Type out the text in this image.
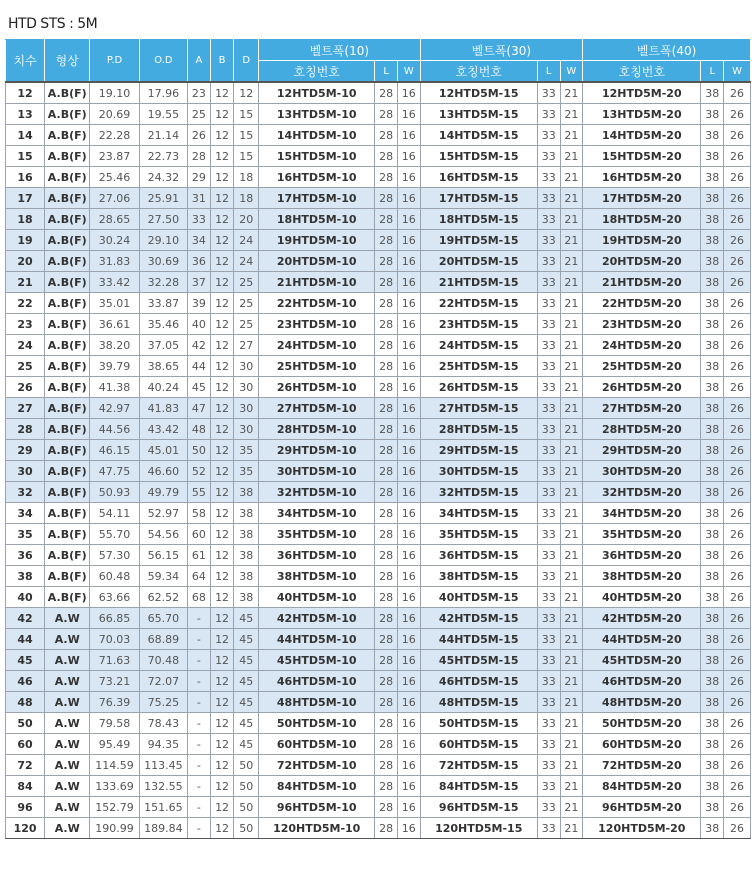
HTD STS : 5M
치수	형상	P.D	O.D	A	B	D	벨트폭(10)			벨트폭(30)			벨트폭(40)		
							호칭번호	L	W	호칭번호	L	W	호칭번호	L	W
12	A.B(F)	19.10	17.96	23	12	12	12HTD5M-10	28	16	12HTD5M-15	33	21	12HTD5M-20	38	26
13	A.B(F)	20.69	19.55	25	12	15	13HTD5M-10	28	16	13HTD5M-15	33	21	13HTD5M-20	38	26
14	A.B(F)	22.28	21.14	26	12	15	14HTD5M-10	28	16	14HTD5M-15	33	21	14HTD5M-20	38	26
15	A.B(F)	23.87	22.73	28	12	15	15HTD5M-10	28	16	15HTD5M-15	33	21	15HTD5M-20	38	26
16	A.B(F)	25.46	24.32	29	12	18	16HTD5M-10	28	16	16HTD5M-15	33	21	16HTD5M-20	38	26
17	A.B(F)	27.06	25.91	31	12	18	17HTD5M-10	28	16	17HTD5M-15	33	21	17HTD5M-20	38	26
18	A.B(F)	28.65	27.50	33	12	20	18HTD5M-10	28	16	18HTD5M-15	33	21	18HTD5M-20	38	26
19	A.B(F)	30.24	29.10	34	12	24	19HTD5M-10	28	16	19HTD5M-15	33	21	19HTD5M-20	38	26
20	A.B(F)	31.83	30.69	36	12	24	20HTD5M-10	28	16	20HTD5M-15	33	21	20HTD5M-20	38	26
21	A.B(F)	33.42	32.28	37	12	25	21HTD5M-10	28	16	21HTD5M-15	33	21	21HTD5M-20	38	26
22	A.B(F)	35.01	33.87	39	12	25	22HTD5M-10	28	16	22HTD5M-15	33	21	22HTD5M-20	38	26
23	A.B(F)	36.61	35.46	40	12	25	23HTD5M-10	28	16	23HTD5M-15	33	21	23HTD5M-20	38	26
24	A.B(F)	38.20	37.05	42	12	27	24HTD5M-10	28	16	24HTD5M-15	33	21	24HTD5M-20	38	26
25	A.B(F)	39.79	38.65	44	12	30	25HTD5M-10	28	16	25HTD5M-15	33	21	25HTD5M-20	38	26
26	A.B(F)	41.38	40.24	45	12	30	26HTD5M-10	28	16	26HTD5M-15	33	21	26HTD5M-20	38	26
27	A.B(F)	42.97	41.83	47	12	30	27HTD5M-10	28	16	27HTD5M-15	33	21	27HTD5M-20	38	26
28	A.B(F)	44.56	43.42	48	12	30	28HTD5M-10	28	16	28HTD5M-15	33	21	28HTD5M-20	38	26
29	A.B(F)	46.15	45.01	50	12	35	29HTD5M-10	28	16	29HTD5M-15	33	21	29HTD5M-20	38	26
30	A.B(F)	47.75	46.60	52	12	35	30HTD5M-10	28	16	30HTD5M-15	33	21	30HTD5M-20	38	26
32	A.B(F)	50.93	49.79	55	12	38	32HTD5M-10	28	16	32HTD5M-15	33	21	32HTD5M-20	38	26
34	A.B(F)	54.11	52.97	58	12	38	34HTD5M-10	28	16	34HTD5M-15	33	21	34HTD5M-20	38	26
35	A.B(F)	55.70	54.56	60	12	38	35HTD5M-10	28	16	35HTD5M-15	33	21	35HTD5M-20	38	26
36	A.B(F)	57.30	56.15	61	12	38	36HTD5M-10	28	16	36HTD5M-15	33	21	36HTD5M-20	38	26
38	A.B(F)	60.48	59.34	64	12	38	38HTD5M-10	28	16	38HTD5M-15	33	21	38HTD5M-20	38	26
40	A.B(F)	63.66	62.52	68	12	38	40HTD5M-10	28	16	40HTD5M-15	33	21	40HTD5M-20	38	26
42	A.W	66.85	65.70	-	12	45	42HTD5M-10	28	16	42HTD5M-15	33	21	42HTD5M-20	38	26
44	A.W	70.03	68.89	-	12	45	44HTD5M-10	28	16	44HTD5M-15	33	21	44HTD5M-20	38	26
45	A.W	71.63	70.48	-	12	45	45HTD5M-10	28	16	45HTD5M-15	33	21	45HTD5M-20	38	26
46	A.W	73.21	72.07	-	12	45	46HTD5M-10	28	16	46HTD5M-15	33	21	46HTD5M-20	38	26
48	A.W	76.39	75.25	-	12	45	48HTD5M-10	28	16	48HTD5M-15	33	21	48HTD5M-20	38	26
50	A.W	79.58	78.43	-	12	45	50HTD5M-10	28	16	50HTD5M-15	33	21	50HTD5M-20	38	26
60	A.W	95.49	94.35	-	12	45	60HTD5M-10	28	16	60HTD5M-15	33	21	60HTD5M-20	38	26
72	A.W	114.59	113.45	-	12	50	72HTD5M-10	28	16	72HTD5M-15	33	21	72HTD5M-20	38	26
84	A.W	133.69	132.55	-	12	50	84HTD5M-10	28	16	84HTD5M-15	33	21	84HTD5M-20	38	26
96	A.W	152.79	151.65	-	12	50	96HTD5M-10	28	16	96HTD5M-15	33	21	96HTD5M-20	38	26
120	A.W	190.99	189.84	-	12	50	120HTD5M-10	28	16	120HTD5M-15	33	21	120HTD5M-20	38	26
